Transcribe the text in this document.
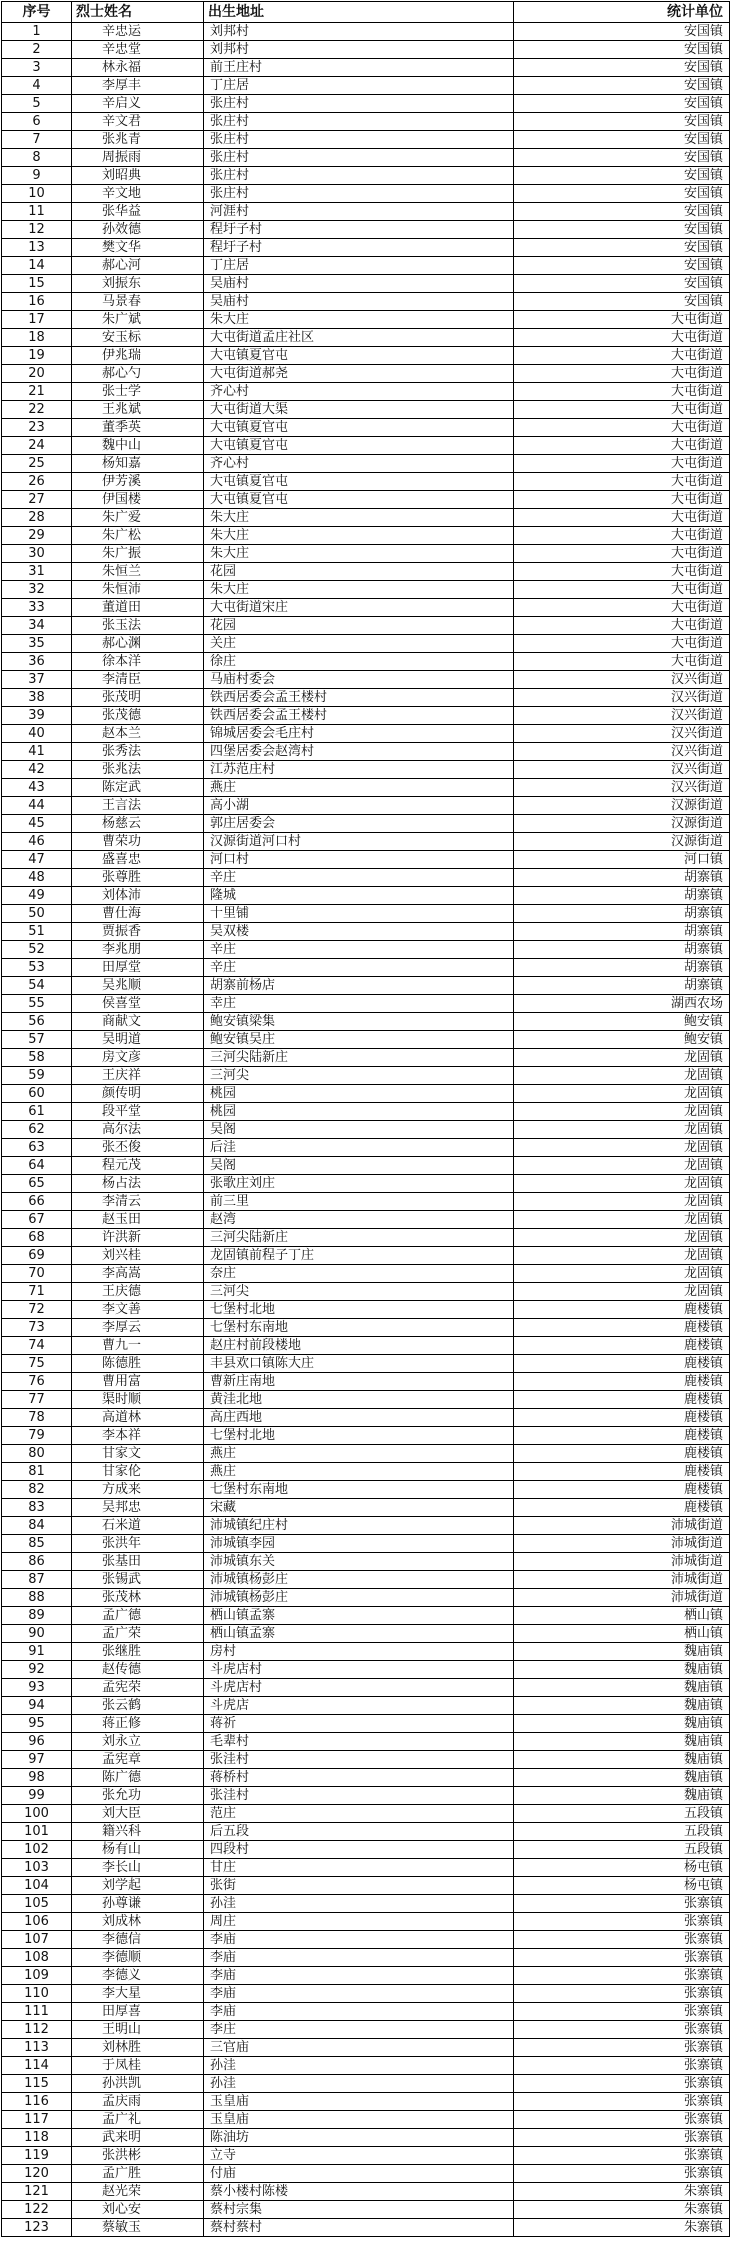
序号	烈士姓名	出生地址	统计单位
1	辛忠运	刘邦村	安国镇
2	辛忠堂	刘邦村	安国镇
3	林永福	前王庄村	安国镇
4	李厚丰	丁庄居	安国镇
5	辛启义	张庄村	安国镇
6	辛文君	张庄村	安国镇
7	张兆青	张庄村	安国镇
8	周振雨	张庄村	安国镇
9	刘昭典	张庄村	安国镇
10	辛文地	张庄村	安国镇
11	张华益	河涯村	安国镇
12	孙效德	程圩子村	安国镇
13	樊文华	程圩子村	安国镇
14	郝心河	丁庄居	安国镇
15	刘振东	吴庙村	安国镇
16	马景春	吴庙村	安国镇
17	朱广斌	朱大庄	大屯街道
18	安玉标	大屯街道孟庄社区	大屯街道
19	伊兆瑞	大屯镇夏官屯	大屯街道
20	郝心勺	大屯街道郝尧	大屯街道
21	张士学	齐心村	大屯街道
22	王兆斌	大屯街道大渠	大屯街道
23	董季英	大屯镇夏官屯	大屯街道
24	魏中山	大屯镇夏官屯	大屯街道
25	杨知嘉	齐心村	大屯街道
26	伊芳溪	大屯镇夏官屯	大屯街道
27	伊国楼	大屯镇夏官屯	大屯街道
28	朱广爱	朱大庄	大屯街道
29	朱广松	朱大庄	大屯街道
30	朱广振	朱大庄	大屯街道
31	朱恒兰	花园	大屯街道
32	朱恒沛	朱大庄	大屯街道
33	董道田	大屯街道宋庄	大屯街道
34	张玉法	花园	大屯街道
35	郝心渊	关庄	大屯街道
36	徐本洋	徐庄	大屯街道
37	李清臣	马庙村委会	汉兴街道
38	张茂明	铁西居委会孟王楼村	汉兴街道
39	张茂德	铁西居委会孟王楼村	汉兴街道
40	赵本兰	锦城居委会毛庄村	汉兴街道
41	张秀法	四堡居委会赵湾村	汉兴街道
42	张兆法	江苏范庄村	汉兴街道
43	陈定武	燕庄	汉兴街道
44	王言法	高小湖	汉源街道
45	杨慈云	郭庄居委会	汉源街道
46	曹荣功	汉源街道河口村	汉源街道
47	盛喜忠	河口村	河口镇
48	张尊胜	辛庄	胡寨镇
49	刘体沛	隆城	胡寨镇
50	曹仕海	十里铺	胡寨镇
51	贾振香	吴双楼	胡寨镇
52	李兆朋	辛庄	胡寨镇
53	田厚堂	辛庄	胡寨镇
54	吴兆顺	胡寨前杨店	胡寨镇
55	侯喜堂	幸庄	湖西农场
56	商献文	鲍安镇梁集	鲍安镇
57	吴明道	鲍安镇吴庄	鲍安镇
58	房文彦	三河尖陆新庄	龙固镇
59	王庆祥	三河尖	龙固镇
60	颜传明	桃园	龙固镇
61	段平堂	桃园	龙固镇
62	高尔法	吴阁	龙固镇
63	张丕俊	后洼	龙固镇
64	程元茂	吴阁	龙固镇
65	杨占法	张歌庄刘庄	龙固镇
66	李清云	前三里	龙固镇
67	赵玉田	赵湾	龙固镇
68	许洪新	三河尖陆新庄	龙固镇
69	刘兴桂	龙固镇前程子丁庄	龙固镇
70	李高嵩	奈庄	龙固镇
71	王庆德	三河尖	龙固镇
72	李文善	七堡村北地	鹿楼镇
73	李厚云	七堡村东南地	鹿楼镇
74	曹九一	赵庄村前段楼地	鹿楼镇
75	陈德胜	丰县欢口镇陈大庄	鹿楼镇
76	曹用富	曹新庄南地	鹿楼镇
77	渠时顺	黄洼北地	鹿楼镇
78	高道林	高庄西地	鹿楼镇
79	李本祥	七堡村北地	鹿楼镇
80	甘家文	燕庄	鹿楼镇
81	甘家伦	燕庄	鹿楼镇
82	方成来	七堡村东南地	鹿楼镇
83	吴邦忠	宋藏	鹿楼镇
84	石米道	沛城镇纪庄村	沛城街道
85	张洪年	沛城镇李园	沛城街道
86	张基田	沛城镇东关	沛城街道
87	张锡武	沛城镇杨彭庄	沛城街道
88	张茂林	沛城镇杨彭庄	沛城街道
89	孟广德	栖山镇孟寨	栖山镇
90	孟广荣	栖山镇孟寨	栖山镇
91	张继胜	房村	魏庙镇
92	赵传德	斗虎店村	魏庙镇
93	孟宪荣	斗虎店村	魏庙镇
94	张云鹤	斗虎店	魏庙镇
95	蒋正修	蒋祈	魏庙镇
96	刘永立	毛辈村	魏庙镇
97	孟宪章	张洼村	魏庙镇
98	陈广德	蒋桥村	魏庙镇
99	张允功	张洼村	魏庙镇
100	刘大臣	范庄	五段镇
101	籍兴科	后五段	五段镇
102	杨有山	四段村	五段镇
103	李长山	甘庄	杨屯镇
104	刘学起	张街	杨屯镇
105	孙尊谦	孙洼	张寨镇
106	刘成林	周庄	张寨镇
107	李德信	李庙	张寨镇
108	李德顺	李庙	张寨镇
109	李德义	李庙	张寨镇
110	李大星	李庙	张寨镇
111	田厚喜	李庙	张寨镇
112	王明山	李庄	张寨镇
113	刘林胜	三官庙	张寨镇
114	于凤桂	孙洼	张寨镇
115	孙洪凯	孙洼	张寨镇
116	孟庆雨	玉皇庙	张寨镇
117	孟广礼	玉皇庙	张寨镇
118	武来明	陈油坊	张寨镇
119	张洪彬	立寺	张寨镇
120	孟广胜	付庙	张寨镇
121	赵光荣	蔡小楼村陈楼	朱寨镇
122	刘心安	蔡村宗集	朱寨镇
123	蔡敏玉	蔡村蔡村	朱寨镇
